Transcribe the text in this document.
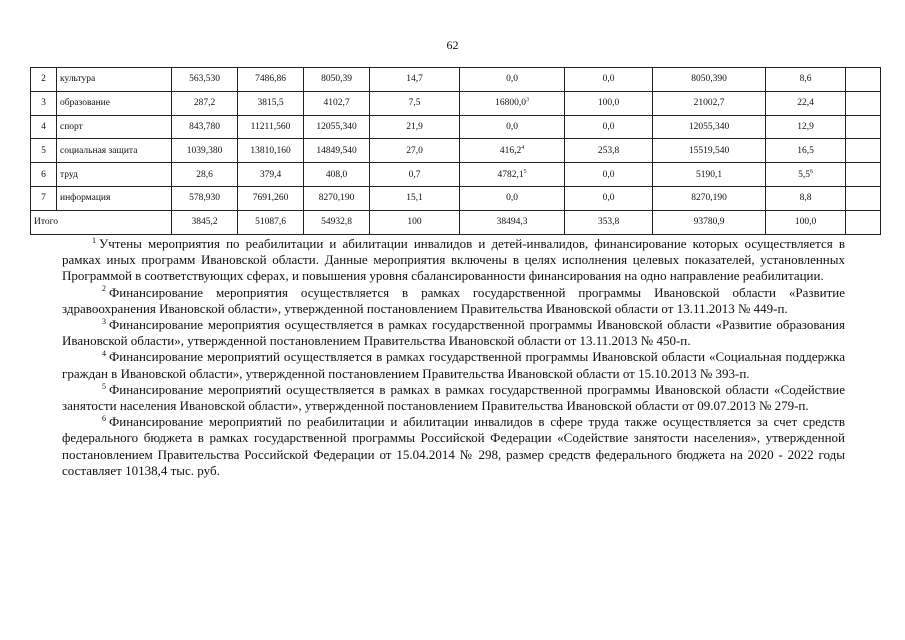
62
2	культура	563,530	7486,86	8050,39	14,7	0,0	0,0	8050,390	8,6	
3	образование	287,2	3815,5	4102,7	7,5	16800,0$^3$	100,0	21002,7	22,4	
4	спорт	843,780	11211,560	12055,340	21,9	0,0	0,0	12055,340	12,9	
5	социальная защита	1039,380	13810,160	14849,540	27,0	416,2$^4$	253,8	15519,540	16,5	
6	труд	28,6	379,4	408,0	0,7	4782,1$^5$	0,0	5190,1	$5,5^6$	
7	информация	578,930	7691,260	8270,190	15,1	0,0	0,0	8270,190	8,8	
Итого		3845,2	51087,6	54932,8	100	38494,3	353,8	93780,9	100,0	

$^1$ Учтены мероприятия по реабилитации и абилитации инвалидов и детей-инвалидов, финансирование которых осуществляется в рамках иных программ Ивановской области. Данные мероприятия включены в целях исполнения целевых показателей, установленных Программой в соответствующих сферах, и повышения уровня сбалансированности финансирования на одно направление реабилитации.

$^2$ Финансирование мероприятия осуществляется в рамках государственной программы Ивановской области «Развитие здравоохранения Ивановской области», утвержденной постановлением Правительства Ивановской области от 13.11.2013 № 449-п.

$^3$ Финансирование мероприятия осуществляется в рамках государственной программы Ивановской области «Развитие образования Ивановской области», утвержденной постановлением Правительства Ивановской области от 13.11.2013 № 450-п.

$^4$ Финансирование мероприятий осуществляется в рамках государственной программы Ивановской области «Социальная поддержка граждан в Ивановской области», утвержденной постановлением Правительства Ивановской области от 15.10.2013 № 393-п.

$^5$ Финансирование мероприятий осуществляется в рамках в рамках государственной программы Ивановской области «Содействие занятости населения Ивановской области», утвержденной постановлением Правительства Ивановской области от 09.07.2013 № 279-п.

$^6$ Финансирование мероприятий по реабилитации и абилитации инвалидов в сфере труда также осуществляется за счет средств федерального бюджета в рамках государственной программы Российской Федерации «Содействие занятости населения», утвержденной постановлением Правительства Российской Федерации от 15.04.2014 № 298, размер средств федерального бюджета на 2020 - 2022 годы составляет 10138,4 тыс. руб.
